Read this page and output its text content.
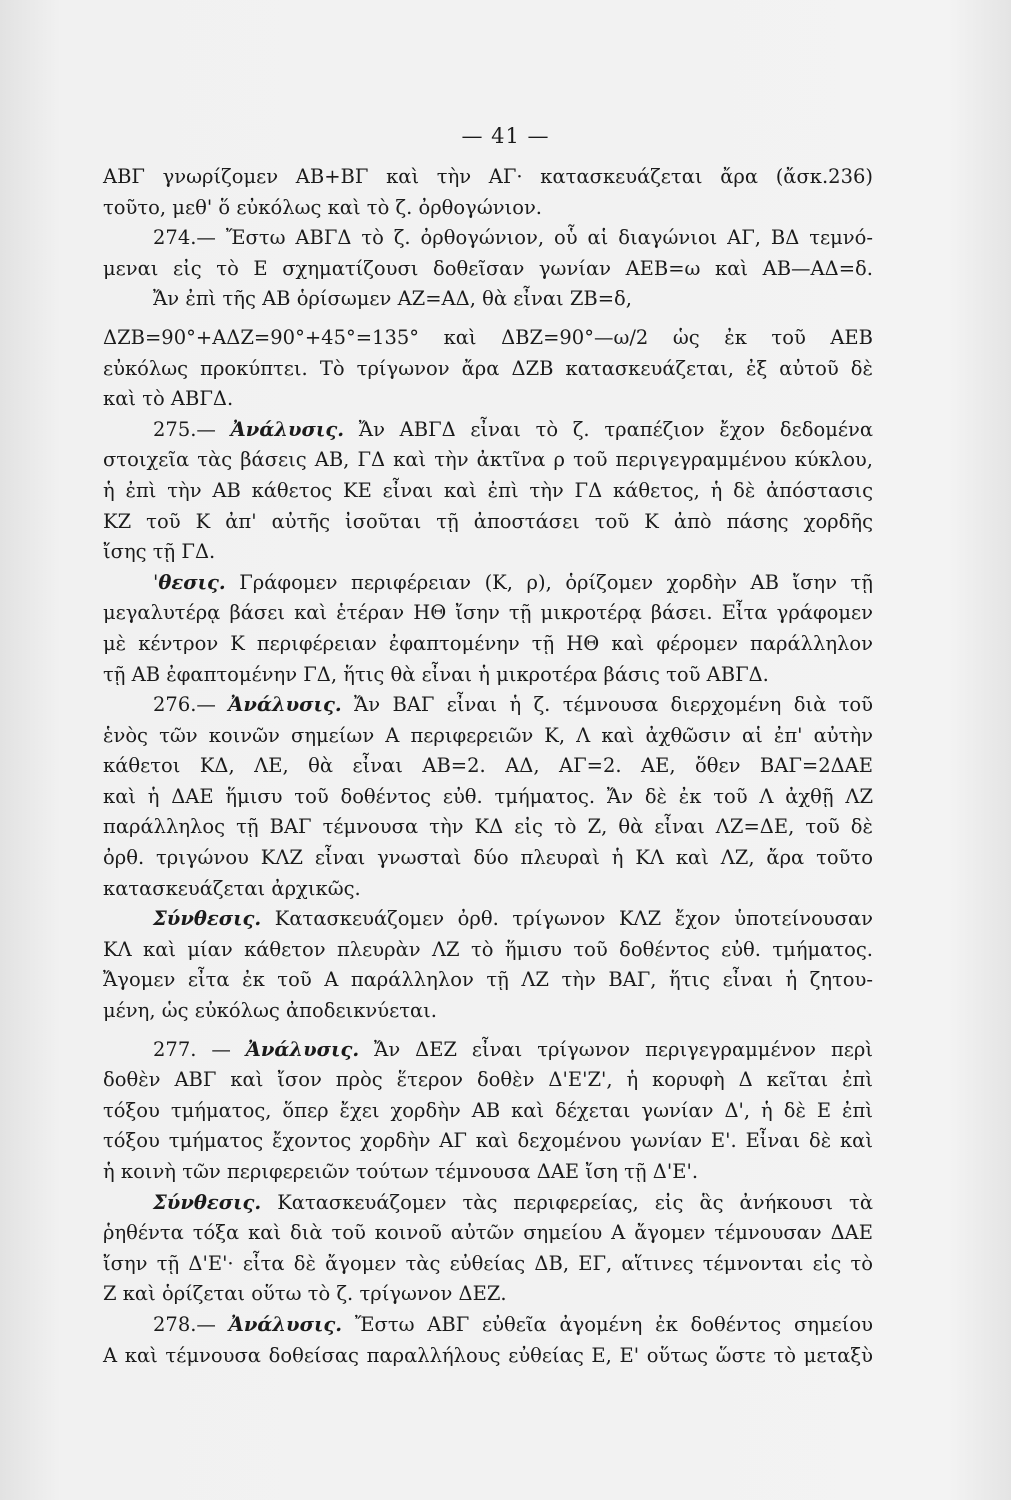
— 41 —
ΑΒΓ γνωρίζομεν ΑΒ+ΒΓ καὶ τὴν ΑΓ· κατασκευάζεται ἄρα (ἄσκ.236)
τοῦτο, μεθ' ὅ εὐκόλως καὶ τὸ ζ. ὀρθογώνιον.
274.— Ἔστω ΑΒΓΔ τὸ ζ. ὀρθογώνιον, οὗ αἱ διαγώνιοι ΑΓ, ΒΔ τεμνό-
μεναι εἰς τὸ Ε σχηματίζουσι δοθεῖσαν γωνίαν ΑΕΒ=ω καὶ ΑΒ—ΑΔ=δ.
Ἄν ἐπὶ τῆς ΑΒ ὁρίσωμεν ΑΖ=ΑΔ, θὰ εἶναι ΖΒ=δ,
ΔΖΒ=90°+ΑΔΖ=90°+45°=135° καὶ ΔΒΖ=90°—ω/2 ὡς ἐκ τοῦ ΑΕΒ
εὐκόλως προκύπτει. Τὸ τρίγωνον ἄρα ΔΖΒ κατασκευάζεται, ἐξ αὐτοῦ δὲ
καὶ τὸ ΑΒΓΔ.
275.— Ἀνάλυσις. Ἄν ΑΒΓΔ εἶναι τὸ ζ. τραπέζιον ἔχον δεδομένα
στοιχεῖα τὰς βάσεις ΑΒ, ΓΔ καὶ τὴν ἀκτῖνα ρ τοῦ περιγεγραμμένου κύκλου,
ἡ ἐπὶ τὴν ΑΒ κάθετος ΚΕ εἶναι καὶ ἐπὶ τὴν ΓΔ κάθετος, ἡ δὲ ἀπόστασις
ΚΖ τοῦ Κ ἀπ' αὐτῆς ἰσοῦται τῇ ἀποστάσει τοῦ Κ ἀπὸ πάσης χορδῆς
ἴσης τῇ ΓΔ.
'θεσις. Γράφομεν περιφέρειαν (Κ, ρ), ὁρίζομεν χορδὴν ΑΒ ἴσην τῇ
μεγαλυτέρᾳ βάσει καὶ ἑτέραν ΗΘ ἴσην τῇ μικροτέρᾳ βάσει. Εἶτα γράφομεν
μὲ κέντρον Κ περιφέρειαν ἐφαπτομένην τῇ ΗΘ καὶ φέρομεν παράλληλον
τῇ ΑΒ ἐφαπτομένην ΓΔ, ἥτις θὰ εἶναι ἡ μικροτέρα βάσις τοῦ ΑΒΓΔ.
276.— Ἀνάλυσις. Ἄν ΒΑΓ εἶναι ἡ ζ. τέμνουσα διερχομένη διὰ τοῦ
ἑνὸς τῶν κοινῶν σημείων Α περιφερειῶν Κ, Λ καὶ ἀχθῶσιν αἱ ἐπ' αὐτὴν
κάθετοι ΚΔ, ΛΕ, θὰ εἶναι ΑΒ=2. ΑΔ, ΑΓ=2. ΑΕ, ὅθεν ΒΑΓ=2ΔΑΕ
καὶ ἡ ΔΑΕ ἥμισυ τοῦ δοθέντος εὐθ. τμήματος. Ἄν δὲ ἐκ τοῦ Λ ἀχθῇ ΛΖ
παράλληλος τῇ ΒΑΓ τέμνουσα τὴν ΚΔ εἰς τὸ Ζ, θὰ εἶναι ΛΖ=ΔΕ, τοῦ δὲ
ὀρθ. τριγώνου ΚΛΖ εἶναι γνωσταὶ δύο πλευραὶ ἡ ΚΛ καὶ ΛΖ, ἄρα τοῦτο
κατασκευάζεται ἀρχικῶς.
Σύνθεσις. Κατασκευάζομεν ὀρθ. τρίγωνον ΚΛΖ ἔχον ὑποτείνουσαν
ΚΛ καὶ μίαν κάθετον πλευρὰν ΛΖ τὸ ἥμισυ τοῦ δοθέντος εὐθ. τμήματος.
Ἄγομεν εἶτα ἐκ τοῦ Α παράλληλον τῇ ΛΖ τὴν ΒΑΓ, ἥτις εἶναι ἡ ζητου-
μένη, ὡς εὐκόλως ἀποδεικνύεται.
277. — Ἀνάλυσις. Ἄν ΔΕΖ εἶναι τρίγωνον περιγεγραμμένον περὶ
δοθὲν ΑΒΓ καὶ ἴσον πρὸς ἕτερον δοθὲν Δ'Ε'Ζ', ἡ κορυφὴ Δ κεῖται ἐπὶ
τόξου τμήματος, ὅπερ ἔχει χορδὴν ΑΒ καὶ δέχεται γωνίαν Δ', ἡ δὲ Ε ἐπὶ
τόξου τμήματος ἔχοντος χορδὴν ΑΓ καὶ δεχομένου γωνίαν Ε'. Εἶναι δὲ καὶ
ἡ κοινὴ τῶν περιφερειῶν τούτων τέμνουσα ΔΑΕ ἴση τῇ Δ'Ε'.
Σύνθεσις. Κατασκευάζομεν τὰς περιφερείας, εἰς ἃς ἀνήκουσι τὰ
ῥηθέντα τόξα καὶ διὰ τοῦ κοινοῦ αὐτῶν σημείου Α ἄγομεν τέμνουσαν ΔΑΕ
ἴσην τῇ Δ'Ε'· εἶτα δὲ ἄγομεν τὰς εὐθείας ΔΒ, ΕΓ, αἵτινες τέμνονται εἰς τὸ
Ζ καὶ ὁρίζεται οὕτω τὸ ζ. τρίγωνον ΔΕΖ.
278.— Ἀνάλυσις. Ἔστω ΑΒΓ εὐθεῖα ἀγομένη ἐκ δοθέντος σημείου
Α καὶ τέμνουσα δοθείσας παραλλήλους εὐθείας Ε, Ε' οὕτως ὥστε τὸ μεταξὺ
